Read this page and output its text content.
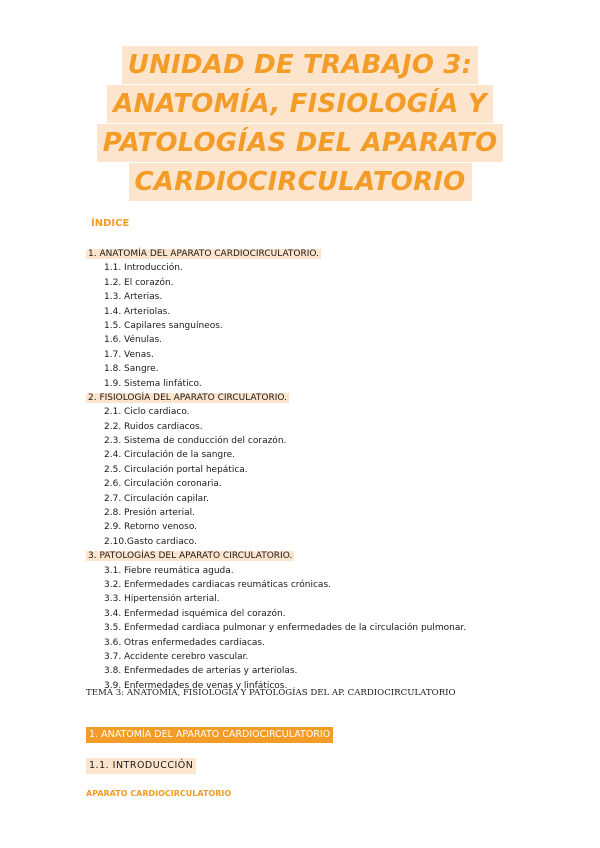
UNIDAD DE TRABAJO 3:
ANATOMÍA, FISIOLOGÍA Y
PATOLOGÍAS DEL APARATO
CARDIOCIRCULATORIO
ÍNDICE
1. ANATOMÍA DEL APARATO CARDIOCIRCULATORIO.
1.1. Introducción.
1.2. El corazón.
1.3. Arterias.
1.4. Arteriolas.
1.5. Capilares sanguíneos.
1.6. Vénulas.
1.7. Venas.
1.8. Sangre.
1.9. Sistema linfático.
2. FISIOLOGÍA DEL APARATO CIRCULATORIO.
2.1. Ciclo cardiaco.
2.2. Ruidos cardiacos.
2.3. Sistema de conducción del corazón.
2.4. Circulación de la sangre.
2.5. Circulación portal hepática.
2.6. Circulación coronaria.
2.7. Circulación capilar.
2.8. Presión arterial.
2.9. Retorno venoso.
2.10.Gasto cardiaco.
3. PATOLOGÍAS DEL APARATO CIRCULATORIO.
3.1. Fiebre reumática aguda.
3.2. Enfermedades cardiacas reumáticas crónicas.
3.3. Hipertensión arterial.
3.4. Enfermedad isquémica del corazón.
3.5. Enfermedad cardiaca pulmonar y enfermedades de la circulación pulmonar.
3.6. Otras enfermedades cardiacas.
3.7. Accidente cerebro vascular.
3.8. Enfermedades de arterias y arteriolas.
3.9. Enfermedades de venas y linfáticos.
TEMA 3: ANATOMÍA, FISIOLOGÍA Y PATOLOGÍAS DEL AP. CARDIOCIRCULATORIO
1. ANATOMÍA DEL APARATO CARDIOCIRCULATORIO
1.1. INTRODUCCIÓN
APARATO CARDIOCIRCULATORIO
